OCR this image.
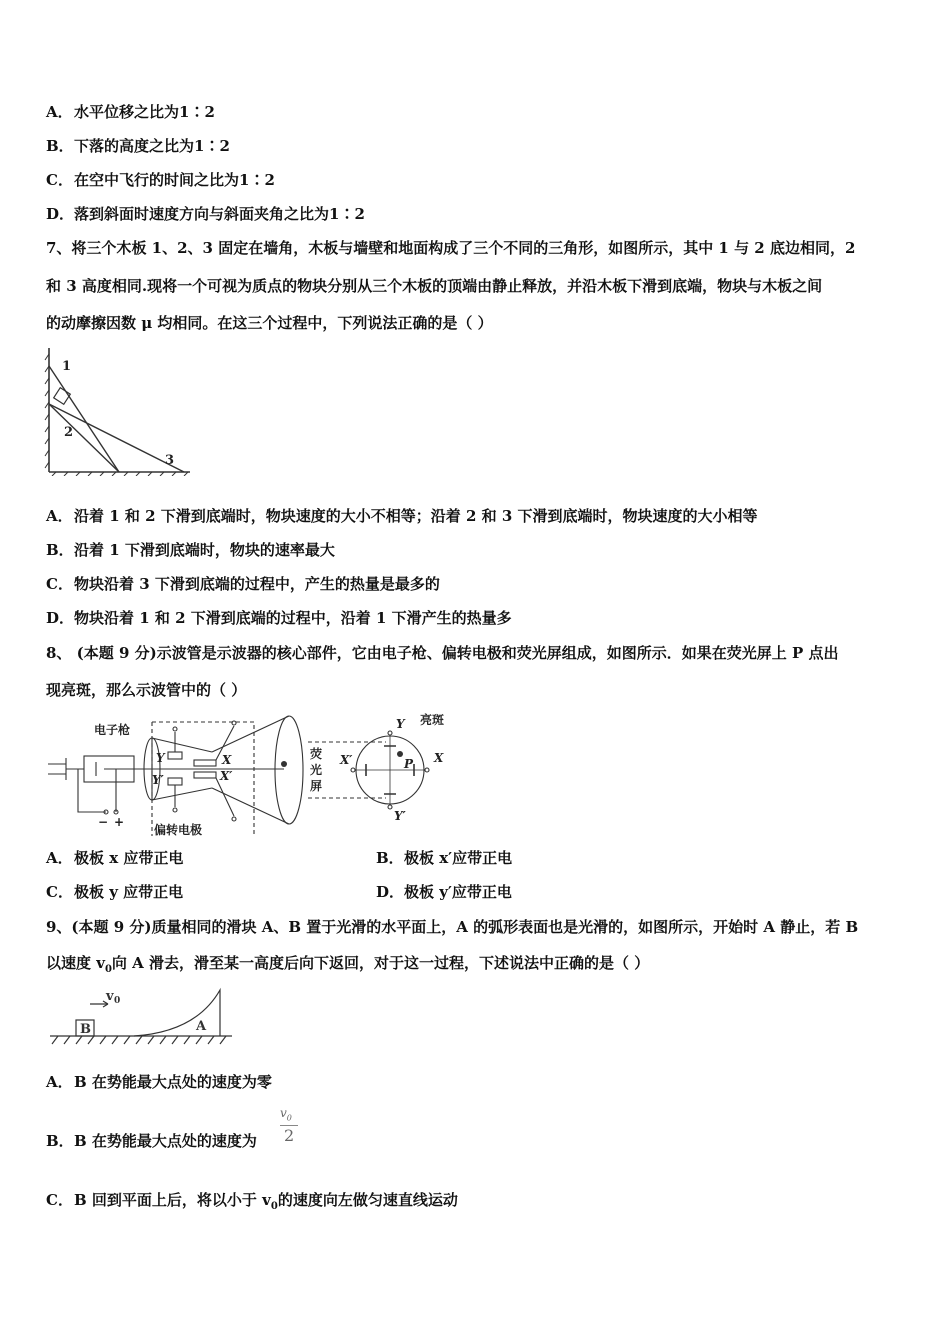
A．水平位移之比为1∶2
B．下落的高度之比为1∶2
C．在空中飞行的时间之比为1∶2
D．落到斜面时速度方向与斜面夹角之比为1∶2
7、将三个木板 1、2、3 固定在墙角，木板与墙壁和地面构成了三个不同的三角形，如图所示，其中 1 与 2 底边相同，2
和 3 高度相同.现将一个可视为质点的物块分别从三个木板的顶端由静止释放，并沿木板下滑到底端，物块与木板之间
的动摩擦因数 μ 均相同。在这三个过程中，下列说法正确的是（ ）
1
2
3
A．沿着 1 和 2 下滑到底端时，物块速度的大小不相等；沿着 2 和 3 下滑到底端时，物块速度的大小相等
B．沿着 1 下滑到底端时，物块的速率最大
C．物块沿着 3 下滑到底端的过程中，产生的热量是最多的
D．物块沿着 1 和 2 下滑到底端的过程中，沿着 1 下滑产生的热量多
8、 (本题 9 分)示波管是示波器的核心部件，它由电子枪、偏转电极和荧光屏组成，如图所示．如果在荧光屏上 P 点出
现亮斑，那么示波管中的（ ）
电子枪
偏转电极
荧
光
屏
亮斑
− +
Y
Y′
X
X′
Y
Y′
X′	X
P
A．极板 x 应带正电	B．极板 x′应带正电
C．极板 y 应带正电	D．极板 y′应带正电
9、(本题 9 分)质量相同的滑块 A、B 置于光滑的水平面上，A 的弧形表面也是光滑的，如图所示，开始时 A 静止，若 B
以速度 $v_0$向 A 滑去，滑至某一高度后向下返回，对于这一过程，下述说法中正确的是（ ）
B	A
v 0
A．B 在势能最大点处的速度为零
B．B 在势能最大点处的速度为
$v_0$
2
C．B 回到平面上后，将以小于 $v_0$的速度向左做匀速直线运动
